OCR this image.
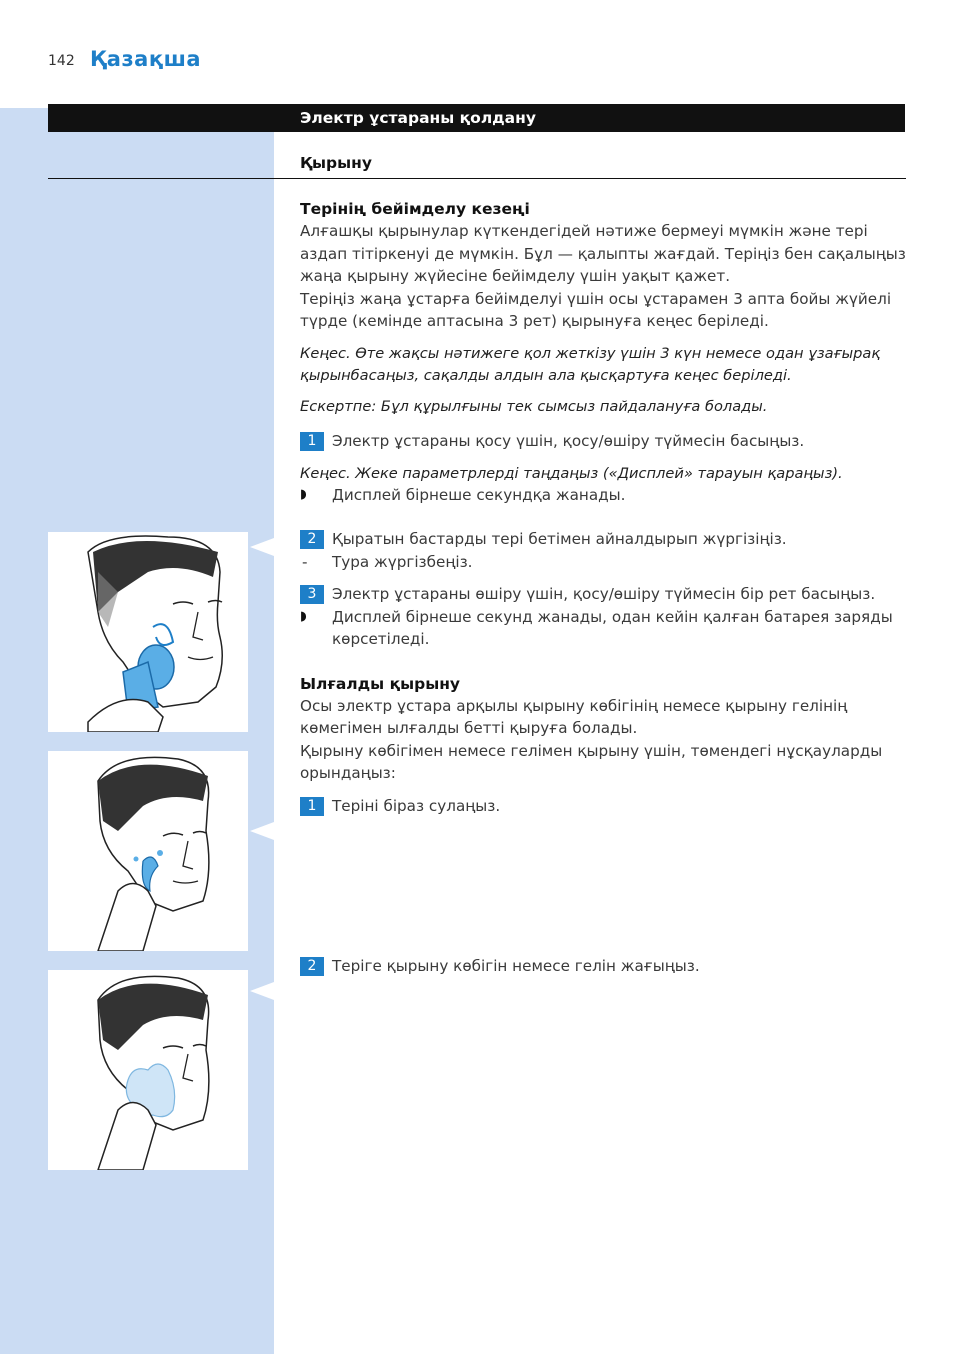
142 Қазақша
Электр ұстараны қолдану
Қырыну
Терінің бейімделу кезеңі

Алғашқы қырынулар күткендегідей нәтиже бермеуі мүмкін және тері аздап тітіркенуі де мүмкін. Бұл — қалыпты жағдай. Теріңіз бен сақалыңыз жаңа қырыну жүйесіне бейімделу үшін уақыт қажет.

Теріңіз жаңа ұстарға бейімделуі үшін осы ұстарамен 3 апта бойы жүйелі түрде (кемінде аптасына 3 рет) қырынуға кеңес беріледі.

Кеңес. Өте жақсы нәтижеге қол жеткізу үшін 3 күн немесе одан ұзағырақ қырынбасаңыз, сақалды алдын ала қысқартуға кеңес беріледі.

Ескертпе: Бұл құрылғыны тек сымсыз пайдалануға болады.

1	Электр ұстараны қосу үшін, қосу/өшіру түймесін басыңыз.

Кеңес. Жеке параметрлерді таңдаңыз («Дисплей» тарауын қараңыз).

◗ Дисплей бірнеше секундқа жанады.
2	Қыратын бастарды тері бетімен айналдырып жүргізіңіз.
- Тура жүргізбеңіз.
3	Электр ұстараны өшіру үшін, қосу/өшіру түймесін бір рет басыңыз.
◗ Дисплей бірнеше секунд жанады, одан кейін қалған батарея заряды көрсетіледі.
Ылғалды қырыну

Осы электр ұстара арқылы қырыну көбігінің немесе қырыну гелінің көмегімен ылғалды бетті қыруға болады.

Қырыну көбігімен немесе гелімен қырыну үшін, төмендегі нұсқауларды орындаңыз:

1	Теріні біраз сулаңыз.
2	Теріге қырыну көбігін немесе гелін жағыңыз.
